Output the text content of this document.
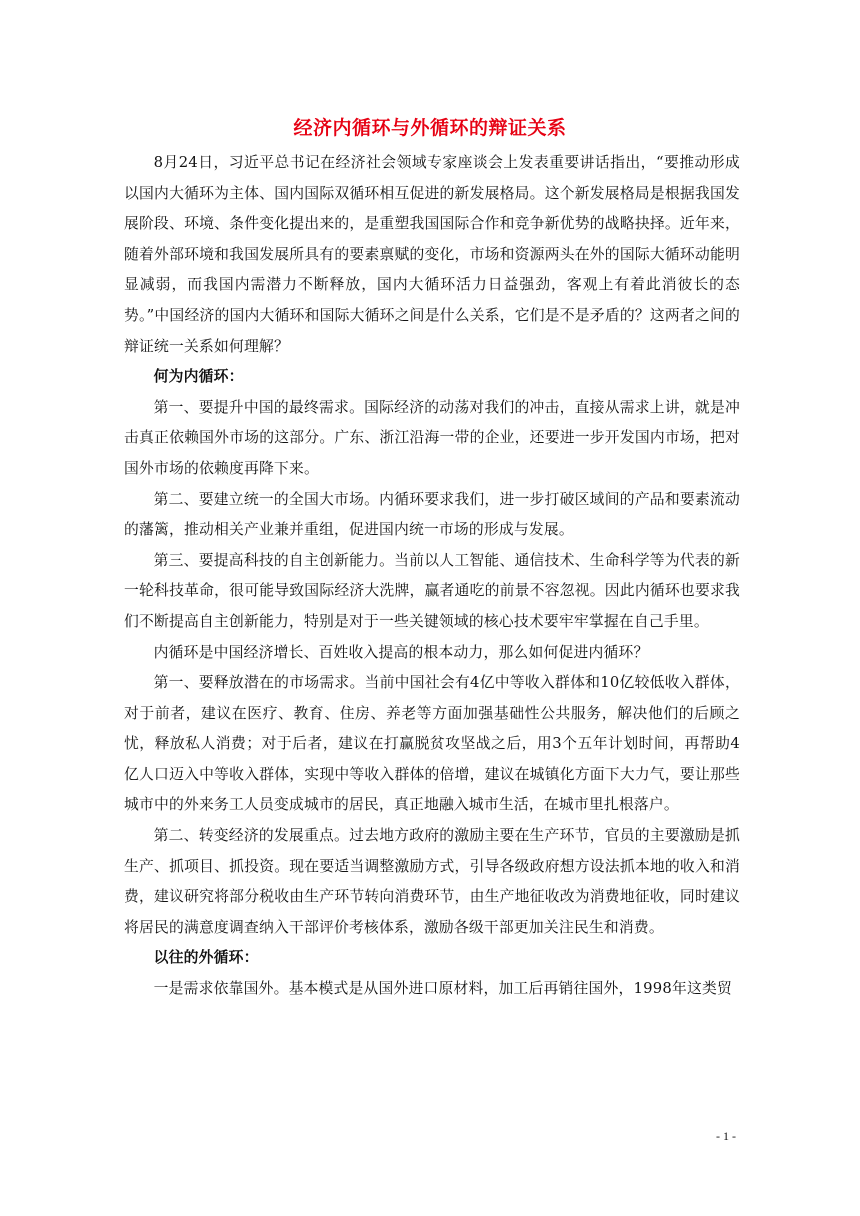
经济内循环与外循环的辩证关系

8月24日，习近平总书记在经济社会领域专家座谈会上发表重要讲话指出，“要推动形成以国内大循环为主体、国内国际双循环相互促进的新发展格局。这个新发展格局是根据我国发展阶段、环境、条件变化提出来的，是重塑我国国际合作和竞争新优势的战略抉择。近年来，随着外部环境和我国发展所具有的要素禀赋的变化，市场和资源两头在外的国际大循环动能明显减弱，而我国内需潜力不断释放，国内大循环活力日益强劲，客观上有着此消彼长的态势。”中国经济的国内大循环和国际大循环之间是什么关系，它们是不是矛盾的？这两者之间的辩证统一关系如何理解？

何为内循环：

第一、要提升中国的最终需求。国际经济的动荡对我们的冲击，直接从需求上讲，就是冲击真正依赖国外市场的这部分。广东、浙江沿海一带的企业，还要进一步开发国内市场，把对国外市场的依赖度再降下来。

第二、要建立统一的全国大市场。内循环要求我们，进一步打破区域间的产品和要素流动的藩篱，推动相关产业兼并重组，促进国内统一市场的形成与发展。

第三、要提高科技的自主创新能力。当前以人工智能、通信技术、生命科学等为代表的新一轮科技革命，很可能导致国际经济大洗牌，赢者通吃的前景不容忽视。因此内循环也要求我们不断提高自主创新能力，特别是对于一些关键领域的核心技术要牢牢掌握在自己手里。

内循环是中国经济增长、百姓收入提高的根本动力，那么如何促进内循环？

第一、要释放潜在的市场需求。当前中国社会有4亿中等收入群体和10亿较低收入群体，对于前者，建议在医疗、教育、住房、养老等方面加强基础性公共服务，解决他们的后顾之忧，释放私人消费；对于后者，建议在打赢脱贫攻坚战之后，用3个五年计划时间，再帮助4亿人口迈入中等收入群体，实现中等收入群体的倍增，建议在城镇化方面下大力气，要让那些城市中的外来务工人员变成城市的居民，真正地融入城市生活，在城市里扎根落户。

第二、转变经济的发展重点。过去地方政府的激励主要在生产环节，官员的主要激励是抓生产、抓项目、抓投资。现在要适当调整激励方式，引导各级政府想方设法抓本地的收入和消费，建议研究将部分税收由生产环节转向消费环节，由生产地征收改为消费地征收，同时建议将居民的满意度调查纳入干部评价考核体系，激励各级干部更加关注民生和消费。

以往的外循环：

一是需求依靠国外。基本模式是从国外进口原材料，加工后再销往国外，1998年这类贸

- 1 -
